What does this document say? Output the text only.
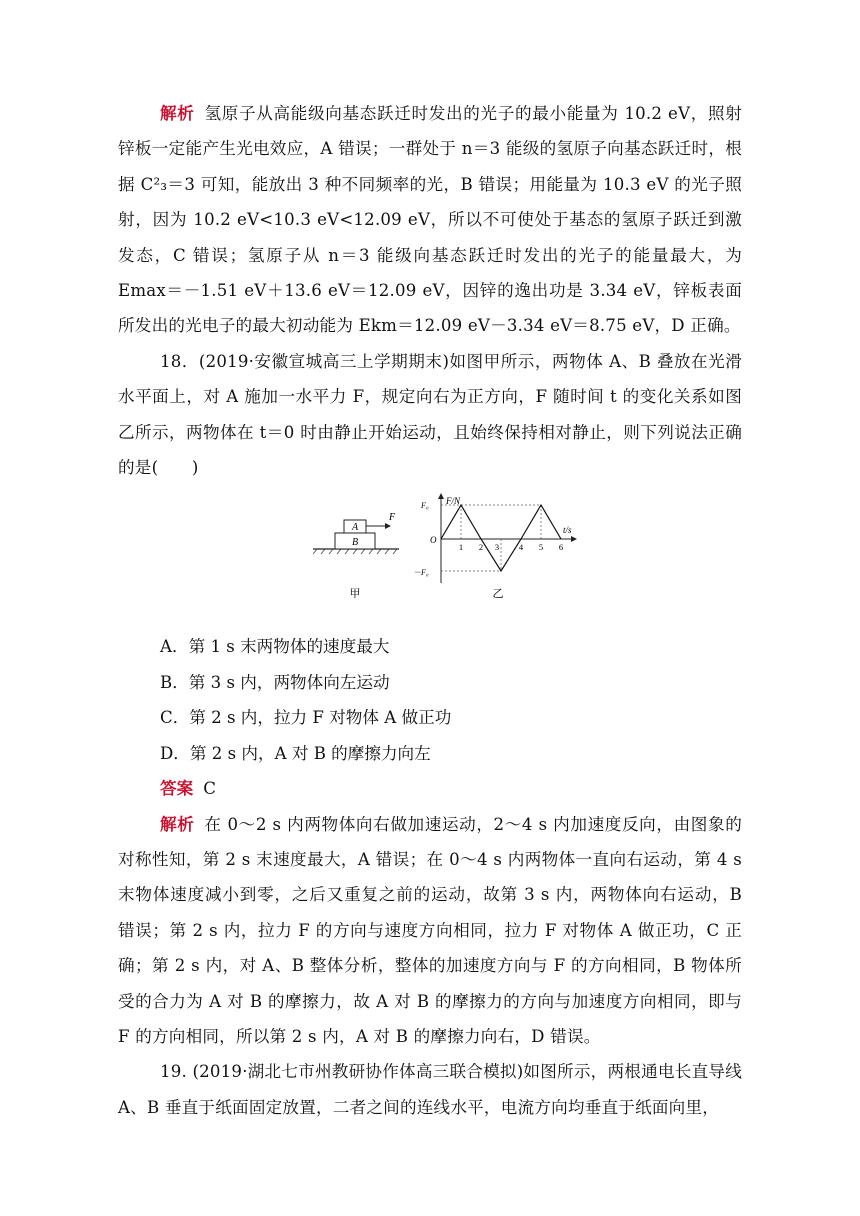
解析 氢原子从高能级向基态跃迁时发出的光子的最小能量为 10.2 eV，照射锌板一定能产生光电效应，A 错误；一群处于 n＝3 能级的氢原子向基态跃迁时，根据 C²₃＝3 可知，能放出 3 种不同频率的光，B 错误；用能量为 10.3 eV 的光子照射，因为 10.2 eV<10.3 eV<12.09 eV，所以不可使处于基态的氢原子跃迁到激发态，C 错误；氢原子从 n＝3 能级向基态跃迁时发出的光子的能量最大，为 Emax＝－1.51 eV＋13.6 eV＝12.09 eV，因锌的逸出功是 3.34 eV，锌板表面所发出的光电子的最大初动能为 Ekm＝12.09 eV－3.34 eV＝8.75 eV，D 正确。

18．(2019·安徽宣城高三上学期期末)如图甲所示，两物体 A、B 叠放在光滑水平面上，对 A 施加一水平力 F，规定向右为正方向，F 随时间 t 的变化关系如图乙所示，两物体在 t＝0 时由静止开始运动，且始终保持相对静止，则下列说法正确的是(　　)

B
A
F
甲
F/N
t/s
O
F₀
－F₀
1 2 3 4 5 6
乙

A．第 1 s 末两物体的速度最大

B．第 3 s 内，两物体向左运动

C．第 2 s 内，拉力 F 对物体 A 做正功

D．第 2 s 内，A 对 B 的摩擦力向左

答案 C

解析 在 0～2 s 内两物体向右做加速运动，2～4 s 内加速度反向，由图象的对称性知，第 2 s 末速度最大，A 错误；在 0～4 s 内两物体一直向右运动，第 4 s 末物体速度减小到零，之后又重复之前的运动，故第 3 s 内，两物体向右运动，B 错误；第 2 s 内，拉力 F 的方向与速度方向相同，拉力 F 对物体 A 做正功，C 正确；第 2 s 内，对 A、B 整体分析，整体的加速度方向与 F 的方向相同，B 物体所受的合力为 A 对 B 的摩擦力，故 A 对 B 的摩擦力的方向与加速度方向相同，即与 F 的方向相同，所以第 2 s 内，A 对 B 的摩擦力向右，D 错误。

19. (2019·湖北七市州教研协作体高三联合模拟)如图所示，两根通电长直导线 A、B 垂直于纸面固定放置，二者之间的连线水平，电流方向均垂直于纸面向里，
